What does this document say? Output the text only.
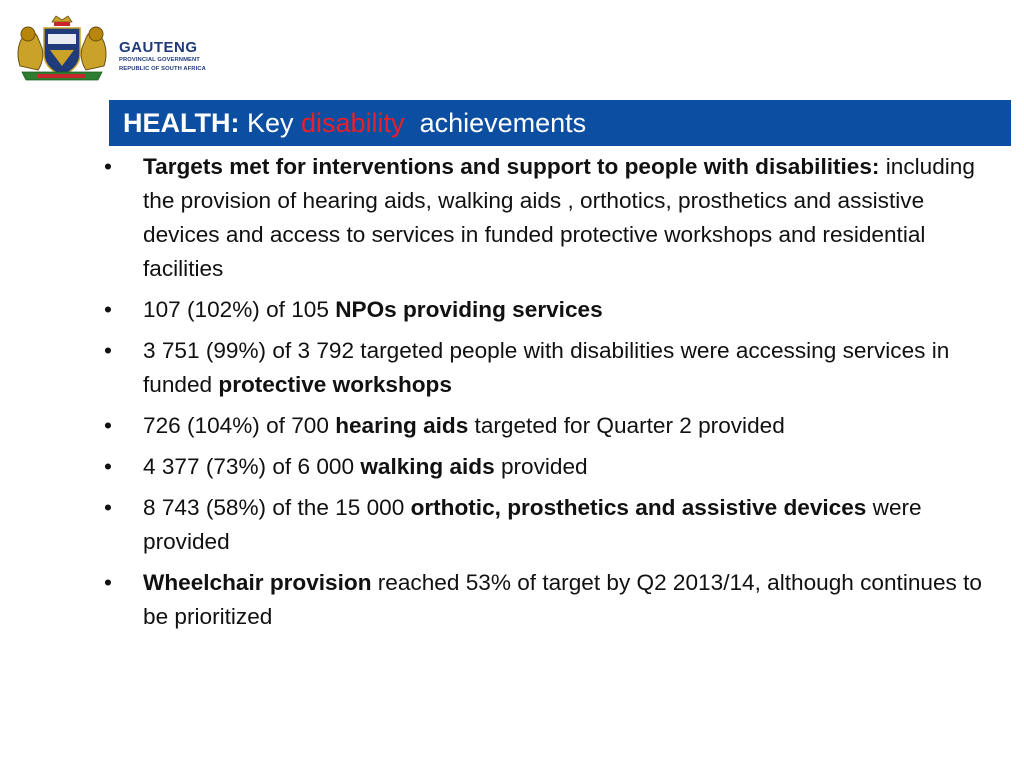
GAUTENG
PROVINCIAL GOVERNMENT
REPUBLIC OF SOUTH AFRICA
HEALTH: Key disability achievements
• Targets met for interventions and support to people with disabilities: including the provision of hearing aids, walking aids , orthotics, prosthetics and assistive devices and access to services in funded protective workshops and residential facilities
• 107 (102%) of 105 NPOs providing services
• 3 751 (99%) of 3 792 targeted people with disabilities were accessing services in funded protective workshops
• 726 (104%) of 700 hearing aids targeted for Quarter 2 provided
• 4 377 (73%) of 6 000 walking aids provided
• 8 743 (58%) of the 15 000 orthotic, prosthetics and assistive devices were provided
• Wheelchair provision reached 53% of target by Q2 2013/14, although continues to be prioritized
